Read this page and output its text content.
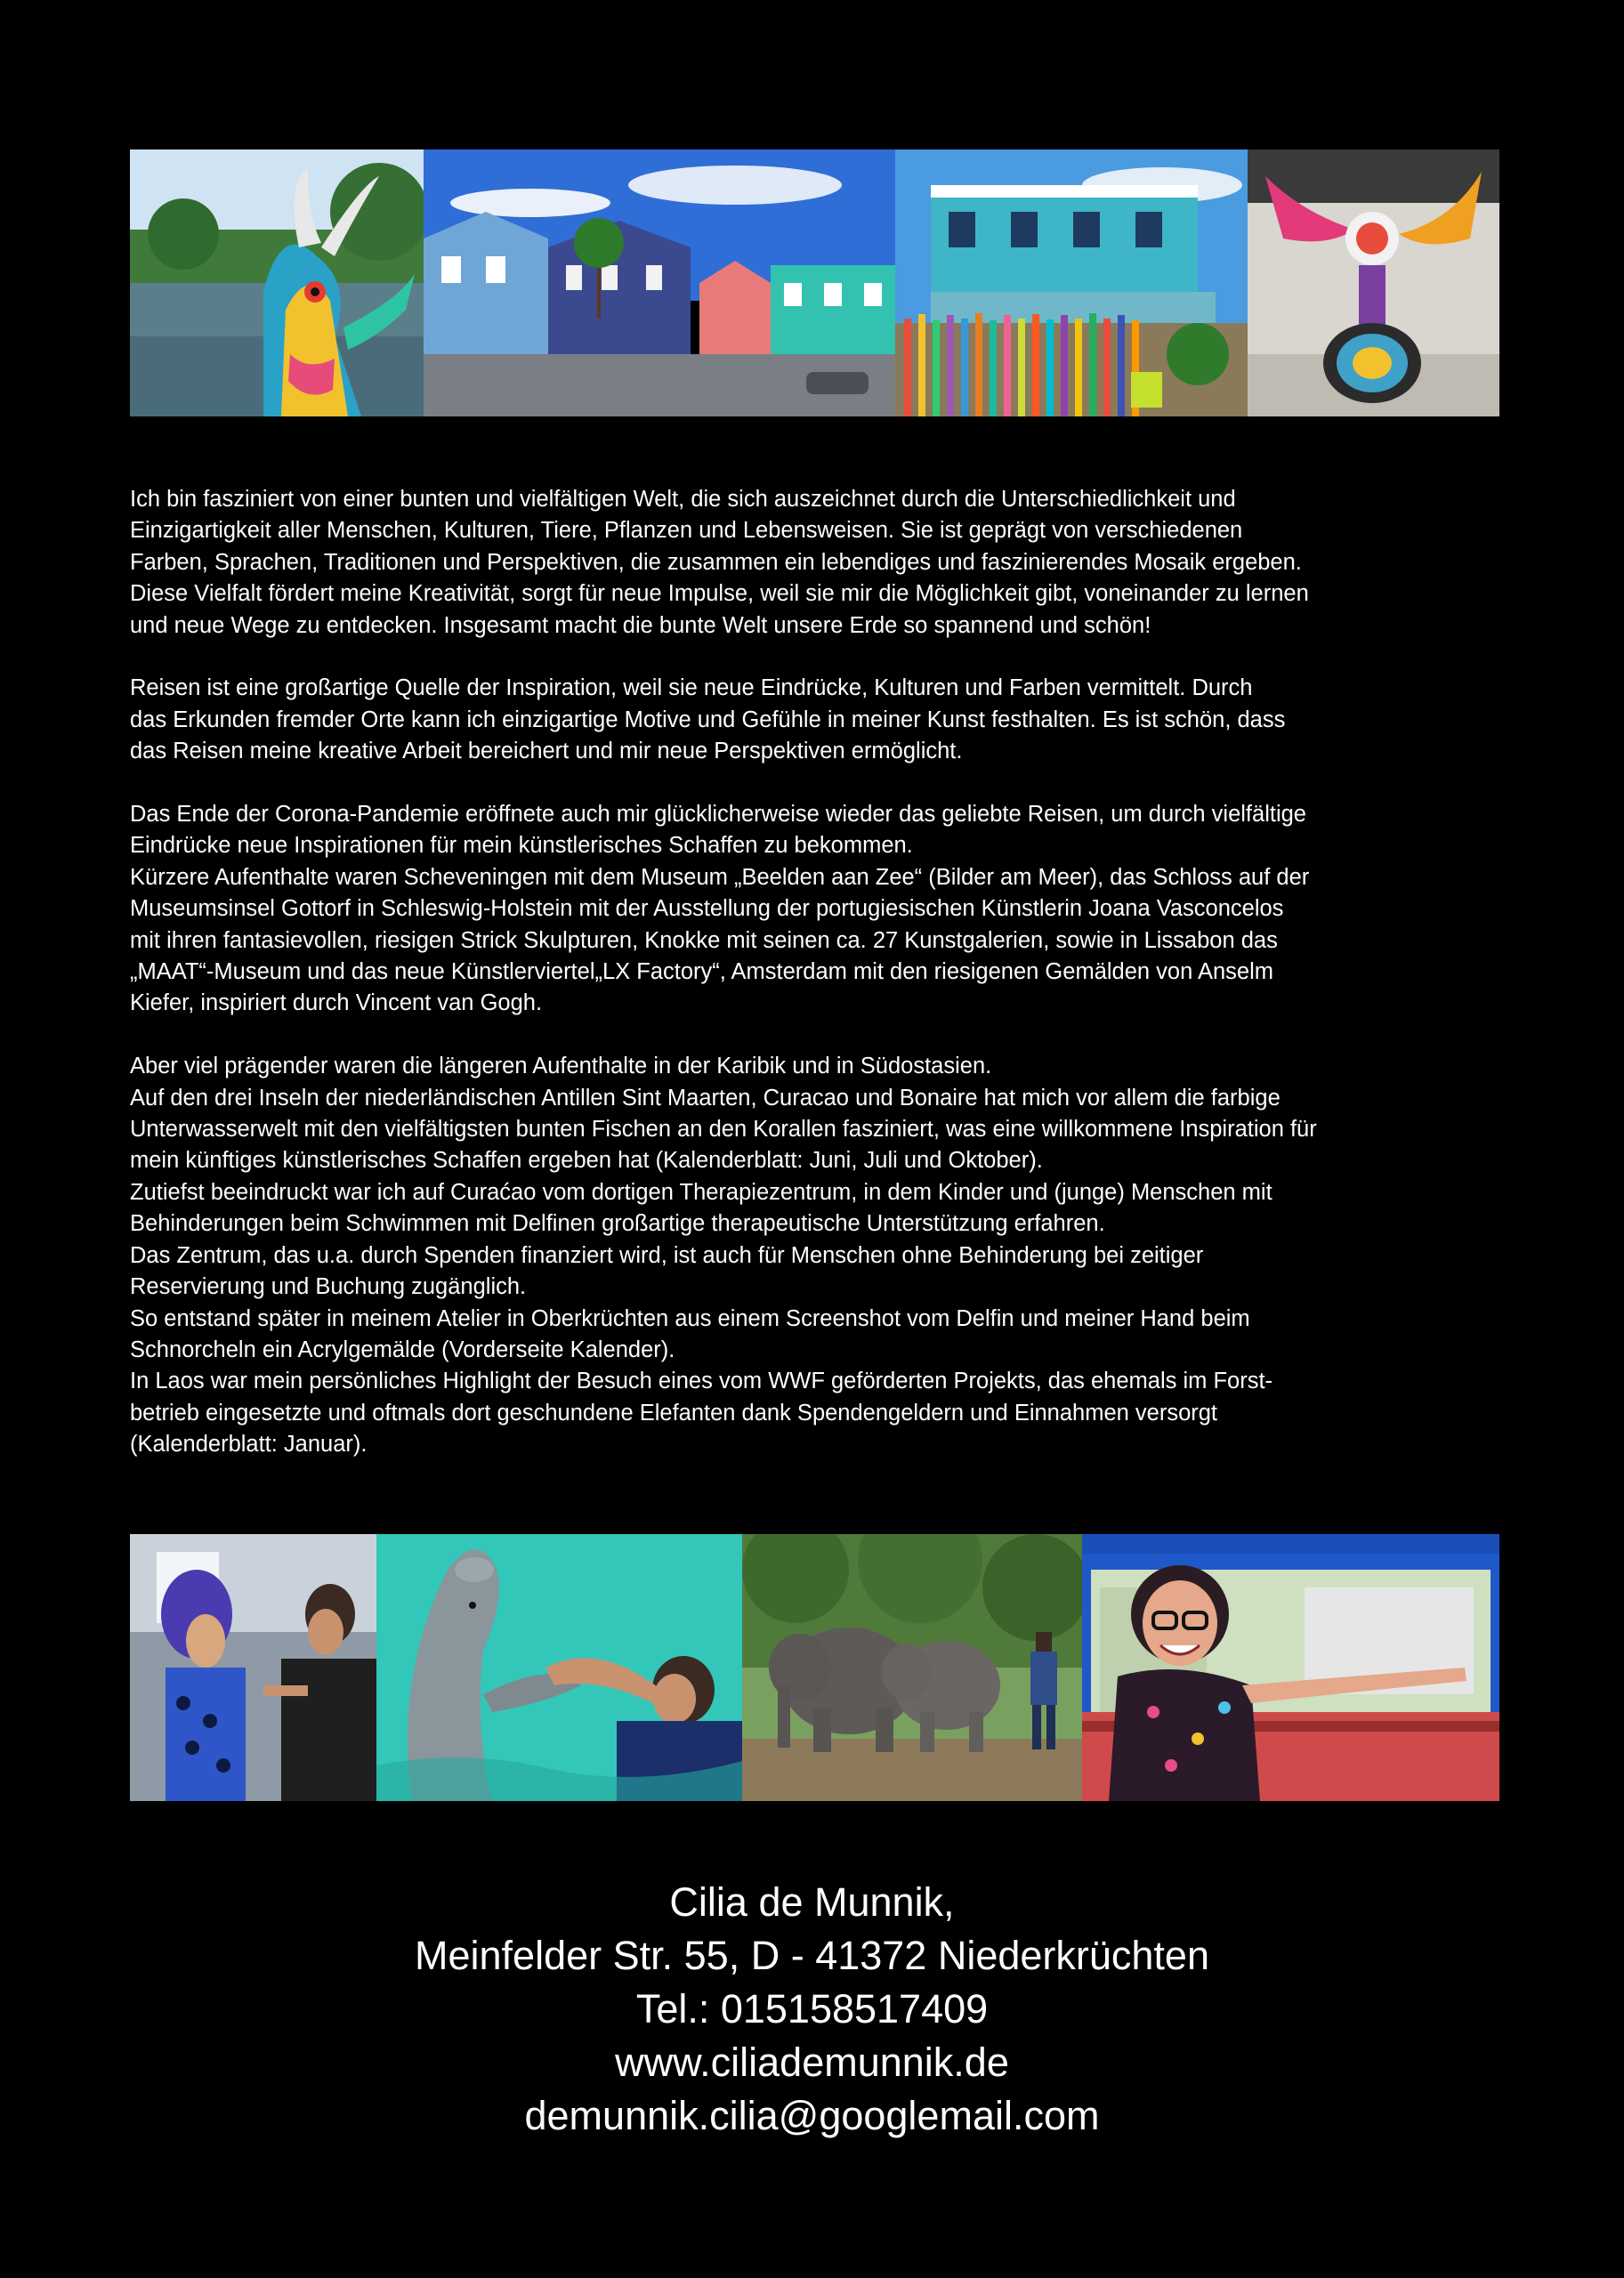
Ich bin fasziniert von einer bunten und vielfältigen Welt, die sich auszeichnet durch die Unterschiedlichkeit und
Einzigartigkeit aller Menschen, Kulturen, Tiere, Pflanzen und Lebensweisen. Sie ist geprägt von verschiedenen
Farben, Sprachen, Traditionen und Perspektiven, die zusammen ein lebendiges und faszinierendes Mosaik ergeben.
Diese Vielfalt fördert meine Kreativität, sorgt für neue Impulse, weil sie mir die Möglichkeit gibt, voneinander zu lernen
und neue Wege zu entdecken. Insgesamt macht die bunte Welt unsere Erde so spannend und schön!

Reisen ist eine großartige Quelle der Inspiration, weil sie neue Eindrücke, Kulturen und Farben vermittelt. Durch
das Erkunden fremder Orte kann ich einzigartige Motive und Gefühle in meiner Kunst festhalten. Es ist schön, dass
das Reisen meine kreative Arbeit bereichert und mir neue Perspektiven ermöglicht.

Das Ende der Corona-Pandemie eröffnete auch mir glücklicherweise wieder das geliebte Reisen, um durch vielfältige
Eindrücke neue Inspirationen für mein künstlerisches Schaffen zu bekommen.
Kürzere Aufenthalte waren Scheveningen mit dem Museum „Beelden aan Zee“ (Bilder am Meer), das Schloss auf der
Museumsinsel Gottorf in Schleswig-Holstein mit der Ausstellung der portugiesischen Künstlerin Joana Vasconcelos
mit ihren fantasievollen, riesigen Strick Skulpturen, Knokke mit seinen ca. 27 Kunstgalerien, sowie in Lissabon das
„MAAT“-Museum und das neue Künstlerviertel„LX Factory“, Amsterdam mit den riesigenen Gemälden von Anselm
Kiefer, inspiriert durch Vincent van Gogh.

Aber viel prägender waren die längeren Aufenthalte in der Karibik und in Südostasien.
Auf den drei Inseln der niederländischen Antillen Sint Maarten, Curacao und Bonaire hat mich vor allem die farbige
Unterwasserwelt mit den vielfältigsten bunten Fischen an den Korallen fasziniert, was eine willkommene Inspiration für
mein künftiges künstlerisches Schaffen ergeben hat (Kalenderblatt: Juni, Juli und Oktober).
Zutiefst beeindruckt war ich auf Curaćao vom dortigen Therapiezentrum, in dem Kinder und (junge) Menschen mit
Behinderungen beim Schwimmen mit Delfinen großartige therapeutische Unterstützung erfahren.
Das Zentrum, das u.a. durch Spenden finanziert wird, ist auch für Menschen ohne Behinderung bei zeitiger
Reservierung und Buchung zugänglich.
So entstand später in meinem Atelier in Oberkrüchten aus einem Screenshot vom Delfin und meiner Hand beim
Schnorcheln ein Acrylgemälde (Vorderseite Kalender).
In Laos war mein persönliches Highlight der Besuch eines vom WWF geförderten Projekts, das ehemals im Forst-
betrieb eingesetzte und oftmals dort geschundene Elefanten dank Spendengeldern und Einnahmen versorgt
(Kalenderblatt: Januar).

Cilia de Munnik,
Meinfelder Str. 55, D - 41372 Niederkrüchten
Tel.: 015158517409
www.ciliademunnik.de
demunnik.cilia@googlemail.com
